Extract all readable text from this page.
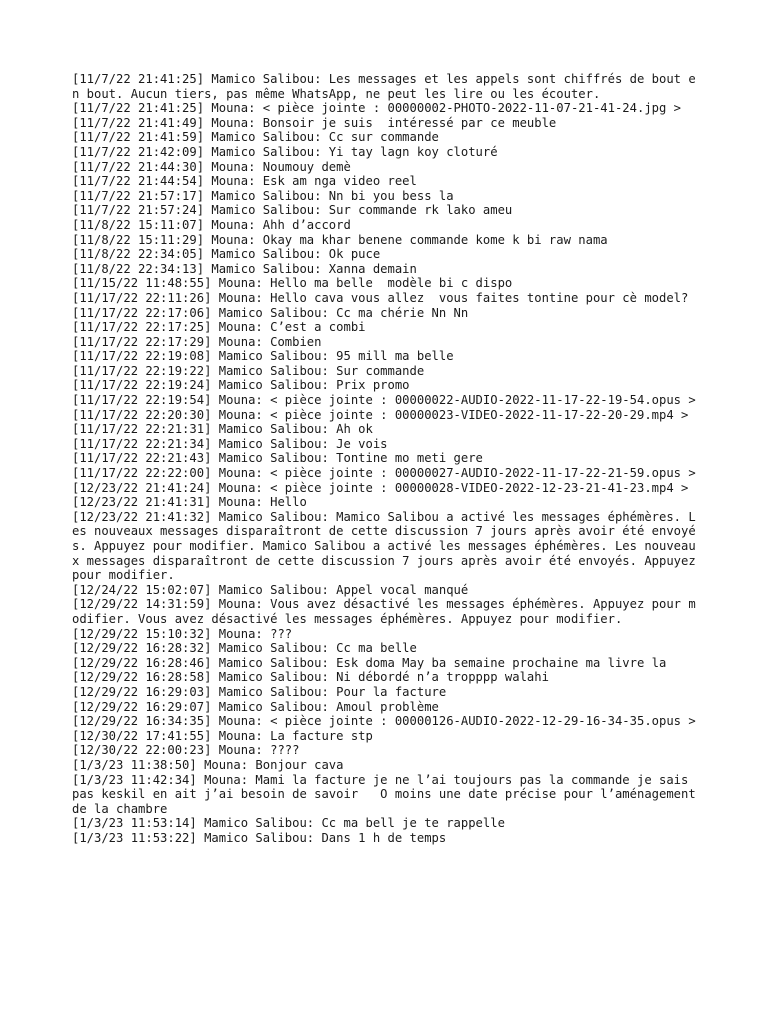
[11/7/22 21:41:25] Mamico Salibou: Les messages et les appels sont chiffrés de bout en bout. Aucun tiers, pas même WhatsApp, ne peut les lire ou les écouter.

[11/7/22 21:41:25] Mouna: < pièce jointe : 00000002-PHOTO-2022-11-07-21-41-24.jpg >

[11/7/22 21:41:49] Mouna: Bonsoir je suis  intéressé par ce meuble

[11/7/22 21:41:59] Mamico Salibou: Cc sur commande

[11/7/22 21:42:09] Mamico Salibou: Yi tay lagn koy cloturé

[11/7/22 21:44:30] Mouna: Noumouy demè

[11/7/22 21:44:54] Mouna: Esk am nga video reel

[11/7/22 21:57:17] Mamico Salibou: Nn bi you bess la

[11/7/22 21:57:24] Mamico Salibou: Sur commande rk lako ameu

[11/8/22 15:11:07] Mouna: Ahh d’accord

[11/8/22 15:11:29] Mouna: Okay ma khar benene commande kome k bi raw nama

[11/8/22 22:34:05] Mamico Salibou: Ok puce

[11/8/22 22:34:13] Mamico Salibou: Xanna demain

[11/15/22 11:48:55] Mouna: Hello ma belle  modèle bi c dispo

[11/17/22 22:11:26] Mouna: Hello cava vous allez  vous faites tontine pour cè model?

[11/17/22 22:17:06] Mamico Salibou: Cc ma chérie Nn Nn

[11/17/22 22:17:25] Mouna: C’est a combi

[11/17/22 22:17:29] Mouna: Combien

[11/17/22 22:19:08] Mamico Salibou: 95 mill ma belle

[11/17/22 22:19:22] Mamico Salibou: Sur commande

[11/17/22 22:19:24] Mamico Salibou: Prix promo

[11/17/22 22:19:54] Mouna: < pièce jointe : 00000022-AUDIO-2022-11-17-22-19-54.opus >

[11/17/22 22:20:30] Mouna: < pièce jointe : 00000023-VIDEO-2022-11-17-22-20-29.mp4 >

[11/17/22 22:21:31] Mamico Salibou: Ah ok

[11/17/22 22:21:34] Mamico Salibou: Je vois

[11/17/22 22:21:43] Mamico Salibou: Tontine mo meti gere

[11/17/22 22:22:00] Mouna: < pièce jointe : 00000027-AUDIO-2022-11-17-22-21-59.opus >

[12/23/22 21:41:24] Mouna: < pièce jointe : 00000028-VIDEO-2022-12-23-21-41-23.mp4 >

[12/23/22 21:41:31] Mouna: Hello

[12/23/22 21:41:32] Mamico Salibou: Mamico Salibou a activé les messages éphémères. Les nouveaux messages disparaîtront de cette discussion 7 jours après avoir été envoyés. Appuyez pour modifier. Mamico Salibou a activé les messages éphémères. Les nouveaux messages disparaîtront de cette discussion 7 jours après avoir été envoyés. Appuyez pour modifier.

[12/24/22 15:02:07] Mamico Salibou: Appel vocal manqué

[12/29/22 14:31:59] Mouna: Vous avez désactivé les messages éphémères. Appuyez pour modifier. Vous avez désactivé les messages éphémères. Appuyez pour modifier.

[12/29/22 15:10:32] Mouna: ???

[12/29/22 16:28:32] Mamico Salibou: Cc ma belle

[12/29/22 16:28:46] Mamico Salibou: Esk doma May ba semaine prochaine ma livre la

[12/29/22 16:28:58] Mamico Salibou: Ni débordé n’a tropppp walahi

[12/29/22 16:29:03] Mamico Salibou: Pour la facture

[12/29/22 16:29:07] Mamico Salibou: Amoul problème

[12/29/22 16:34:35] Mouna: < pièce jointe : 00000126-AUDIO-2022-12-29-16-34-35.opus >

[12/30/22 17:41:55] Mouna: La facture stp

[12/30/22 22:00:23] Mouna: ????

[1/3/23 11:38:50] Mouna: Bonjour cava

[1/3/23 11:42:34] Mouna: Mami la facture je ne l’ai toujours pas la commande je sais pas keskil en ait j’ai besoin de savoir   O moins une date précise pour l’aménagement de la chambre

[1/3/23 11:53:14] Mamico Salibou: Cc ma bell je te rappelle

[1/3/23 11:53:22] Mamico Salibou: Dans 1 h de temps
